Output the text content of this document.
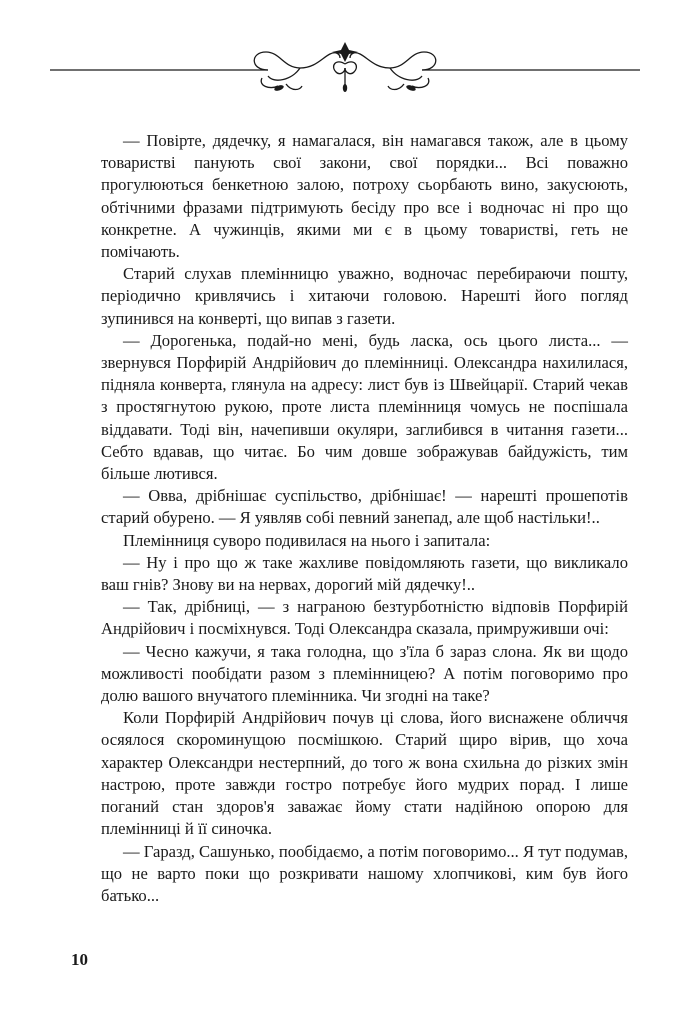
— Повірте, дядечку, я намагалася, він намагався також, але в цьому товаристві панують свої закони, свої порядки... Всі поважно прогулюються бенкетною залою, потроху сьорбають вино, закусюють, обтічними фразами підтримують бесіду про все і водночас ні про що конкретне. А чужинців, якими ми є в цьому товаристві, геть не помічають.

Старий слухав племінницю уважно, водночас перебираючи пошту, періодично кривлячись і хитаючи головою. Нарешті його погляд зупинився на конверті, що випав з газети.

— Дорогенька, подай-но мені, будь ласка, ось цього листа... — звернувся Порфирій Андрійович до племінниці. Олександра нахилилася, підняла конверта, глянула на адресу: лист був із Швейцарії. Старий чекав з простягнутою рукою, проте листа племінниця чомусь не поспішала віддавати. Тоді він, начепивши окуляри, заглибився в читання газети... Себто вдавав, що читає. Бо чим довше зображував байдужість, тим більше лютився.

— Овва, дрібнішає суспільство, дрібнішає! — нарешті прошепотів старий обурено. — Я уявляв собі певний занепад, але щоб настільки!..

Племінниця суворо подивилася на нього і запитала:

— Ну і про що ж таке жахливе повідомляють газети, що викликало ваш гнів? Знову ви на нервах, дорогий мій дядечку!..

— Так, дрібниці, — з награною безтурботністю відповів Порфирій Андрійович і посміхнувся. Тоді Олександра сказала, примруживши очі:

— Чесно кажучи, я така голодна, що з'їла б зараз слона. Як ви щодо можливості пообідати разом з племінницею? А потім поговоримо про долю вашого внучатого племінника. Чи згодні на таке?

Коли Порфирій Андрійович почув ці слова, його виснажене обличчя осяялося скороминущою посмішкою. Старий щиро вірив, що хоча характер Олександри нестерпний, до того ж вона схильна до різких змін настрою, проте завжди гостро потребує його мудрих порад. І лише поганий стан здоров'я заважає йому стати надійною опорою для племінниці й її синочка.

— Гаразд, Сашунько, пообідаємо, а потім поговоримо... Я тут подумав, що не варто поки що розкривати нашому хлопчикові, ким був його батько...

10
